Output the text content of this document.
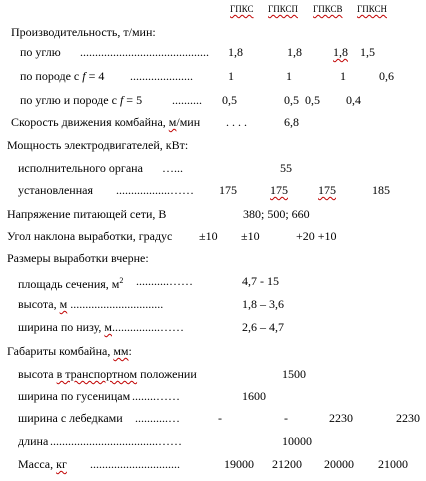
ГПКС ГПКСП ГПКСВ ГПКСН
Производительность, т/мин:
по углю ........................................... 1,8	1,8	1,8 1,5
по породе с f = 4 .....................	1	1	1	0,6
по углю и породе с f = 5 .......... 0,5	0,5 0,5 0,4
Скорость движения комбайна, м/мин . . . .	6,8
Мощность электродвигателей, кВт:
исполнительного органа …...	55
установленная ..................…… 175	175	175	185
Напряжение питающей сети, В	380; 500; 660
Угол наклона выработки, градус ±10 ±10	+20 +10
Размеры выработки вчерне:
площадь сечения, $м^2$ ...........……	4,7 - 15
высота, м ...............................	1,8 – 3,6
ширина по низу, м................……	2,6 – 4,7
Габариты комбайна, мм:
высота в транспортном положении	1500
ширина по гусеницам ........……	1600
ширина с лебедками ...........…	-	-	2230	2230
длина ....................................……	10000
Масса, кг ..............................	19000 21200 20000 21000
